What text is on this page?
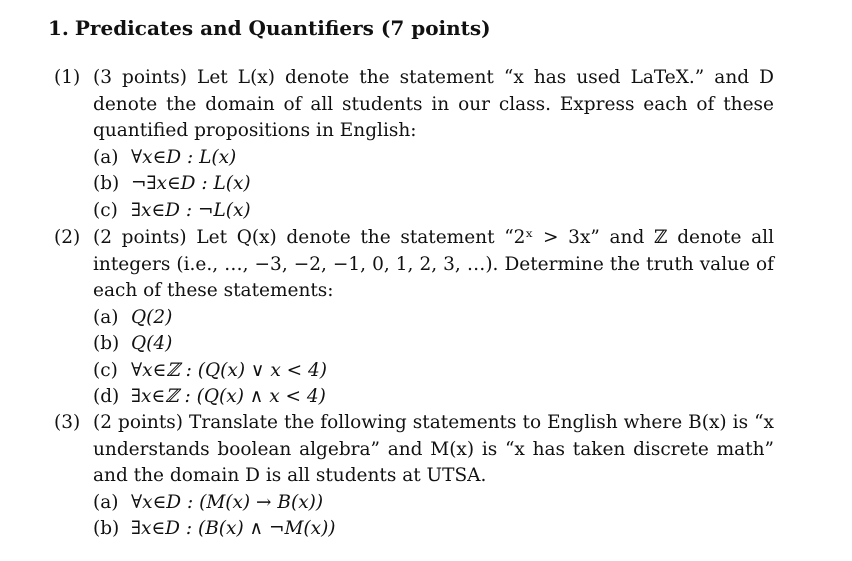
1. Predicates and Quantifiers (7 points)
(1) (3 points) Let L(x) denote the statement “x has used LaTeX.” and D
denote the domain of all students in our class. Express each of these
quantified propositions in English:
(a) ∀x∈D : L(x)
(b) ¬∃x∈D : L(x)
(c) ∃x∈D : ¬L(x)
(2) (2 points) Let Q(x) denote the statement “2ˣ > 3x” and ℤ denote all
integers (i.e., …, −3, −2, −1, 0, 1, 2, 3, …). Determine the truth value of
each of these statements:
(a) Q(2)
(b) Q(4)
(c) ∀x∈ℤ : (Q(x) ∨ x < 4)
(d) ∃x∈ℤ : (Q(x) ∧ x < 4)
(3) (2 points) Translate the following statements to English where B(x) is “x
understands boolean algebra” and M(x) is “x has taken discrete math”
and the domain D is all students at UTSA.
(a) ∀x∈D : (M(x) → B(x))
(b) ∃x∈D : (B(x) ∧ ¬M(x))
